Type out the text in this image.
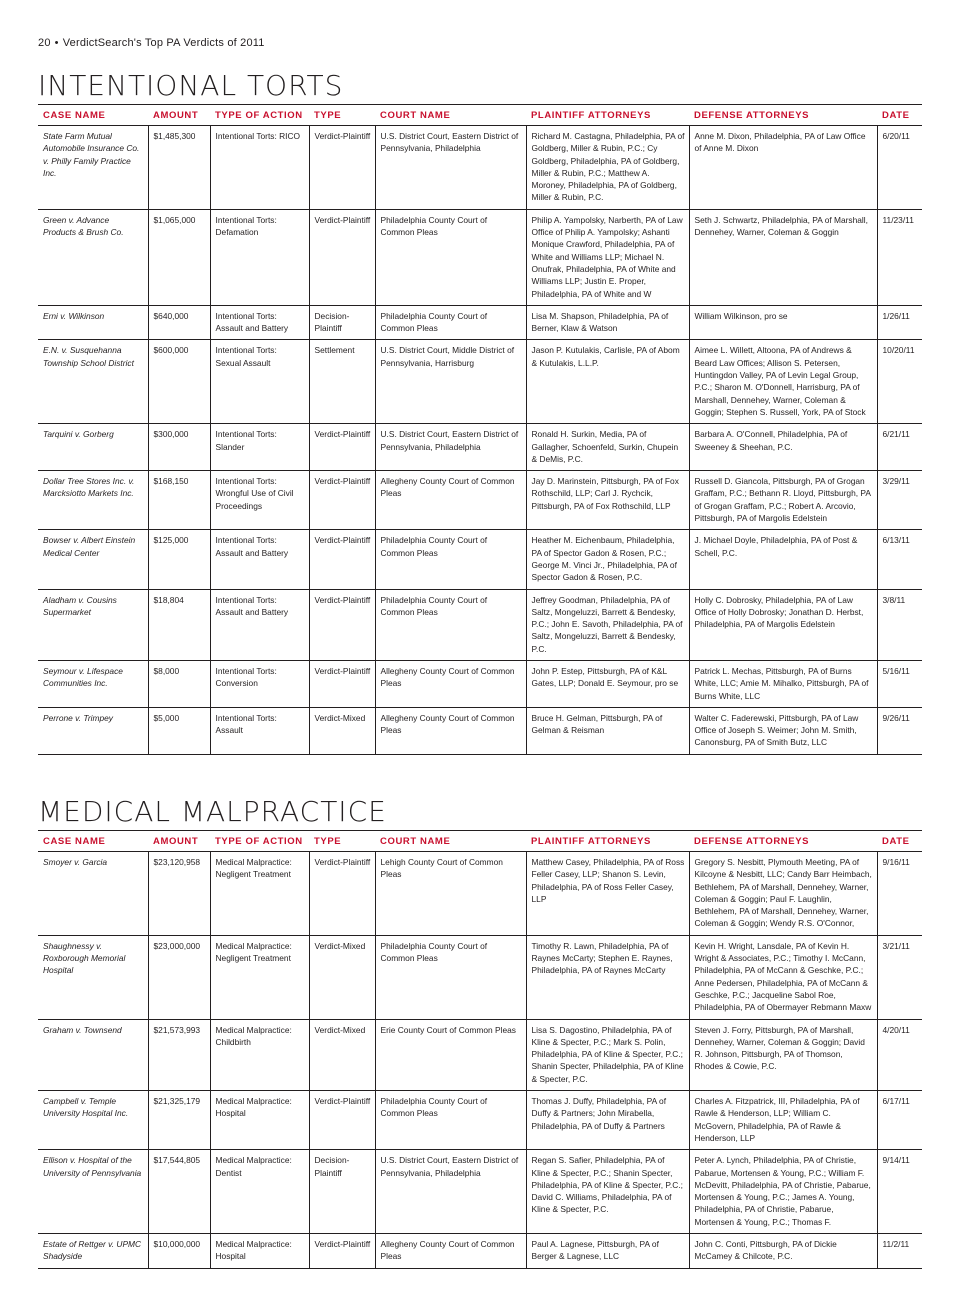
20 • VerdictSearch's Top PA Verdicts of 2011
INTENTIONAL TORTS
CASE NAME	AMOUNT	TYPE OF ACTION	TYPE	COURT NAME	PLAINTIFF ATTORNEYS	DEFENSE ATTORNEYS	DATE
State Farm Mutual Automobile Insurance Co. v. Philly Family Practice Inc.	$1,485,300	Intentional Torts: RICO	Verdict-Plaintiff	U.S. District Court, Eastern District of Pennsylvania, Philadelphia	Richard M. Castagna, Philadelphia, PA of Goldberg, Miller & Rubin, P.C.; Cy Goldberg, Philadelphia, PA of Goldberg, Miller & Rubin, P.C.; Matthew A. Moroney, Philadelphia, PA of Goldberg, Miller & Rubin, P.C.	Anne M. Dixon, Philadelphia, PA of Law Office of Anne M. Dixon	6/20/11
Green v. Advance Products & Brush Co.	$1,065,000	Intentional Torts: Defamation	Verdict-Plaintiff	Philadelphia County Court of Common Pleas	Philip A. Yampolsky, Narberth, PA of Law Office of Philip A. Yampolsky; Ashanti Monique Crawford, Philadelphia, PA of White and Williams LLP; Michael N. Onufrak, Philadelphia, PA of White and Williams LLP; Justin E. Proper, Philadelphia, PA of White and W	Seth J. Schwartz, Philadelphia, PA of Marshall, Dennehey, Warner, Coleman & Goggin	11/23/11
Erni v. Wilkinson	$640,000	Intentional Torts: Assault and Battery	Decision-Plaintiff	Philadelphia County Court of Common Pleas	Lisa M. Shapson, Philadelphia, PA of Berner, Klaw & Watson	William Wilkinson, pro se	1/26/11
E.N. v. Susquehanna Township School District	$600,000	Intentional Torts: Sexual Assault	Settlement	U.S. District Court, Middle District of Pennsylvania, Harrisburg	Jason P. Kutulakis, Carlisle, PA of Abom & Kutulakis, L.L.P.	Aimee L. Willett, Altoona, PA of Andrews & Beard Law Offices; Allison S. Petersen, Huntingdon Valley, PA of Levin Legal Group, P.C.; Sharon M. O'Donnell, Harrisburg, PA of Marshall, Dennehey, Warner, Coleman & Goggin; Stephen S. Russell, York, PA of Stock	10/20/11
Tarquini v. Gorberg	$300,000	Intentional Torts: Slander	Verdict-Plaintiff	U.S. District Court, Eastern District of Pennsylvania, Philadelphia	Ronald H. Surkin, Media, PA of Gallagher, Schoenfeld, Surkin, Chupein & DeMis, P.C.	Barbara A. O'Connell, Philadelphia, PA of Sweeney & Sheehan, P.C.	6/21/11
Dollar Tree Stores Inc. v. Marcksiotto Markets Inc.	$168,150	Intentional Torts: Wrongful Use of Civil Proceedings	Verdict-Plaintiff	Allegheny County Court of Common Pleas	Jay D. Marinstein, Pittsburgh, PA of Fox Rothschild, LLP; Carl J. Rychcik, Pittsburgh, PA of Fox Rothschild, LLP	Russell D. Giancola, Pittsburgh, PA of Grogan Graffam, P.C.; Bethann R. Lloyd, Pittsburgh, PA of Grogan Graffam, P.C.; Robert A. Arcovio, Pittsburgh, PA of Margolis Edelstein	3/29/11
Bowser v. Albert Einstein Medical Center	$125,000	Intentional Torts: Assault and Battery	Verdict-Plaintiff	Philadelphia County Court of Common Pleas	Heather M. Eichenbaum, Philadelphia, PA of Spector Gadon & Rosen, P.C.; George M. Vinci Jr., Philadelphia, PA of Spector Gadon & Rosen, P.C.	J. Michael Doyle, Philadelphia, PA of Post & Schell, P.C.	6/13/11
Aladham v. Cousins Supermarket	$18,804	Intentional Torts: Assault and Battery	Verdict-Plaintiff	Philadelphia County Court of Common Pleas	Jeffrey Goodman, Philadelphia, PA of Saltz, Mongeluzzi, Barrett & Bendesky, P.C.; John E. Savoth, Philadelphia, PA of Saltz, Mongeluzzi, Barrett & Bendesky, P.C.	Holly C. Dobrosky, Philadelphia, PA of Law Office of Holly Dobrosky; Jonathan D. Herbst, Philadelphia, PA of Margolis Edelstein	3/8/11
Seymour v. Lifespace Communities Inc.	$8,000	Intentional Torts: Conversion	Verdict-Plaintiff	Allegheny County Court of Common Pleas	John P. Estep, Pittsburgh, PA of K&L Gates, LLP; Donald E. Seymour, pro se	Patrick L. Mechas, Pittsburgh, PA of Burns White, LLC; Amie M. Mihalko, Pittsburgh, PA of Burns White, LLC	5/16/11
Perrone v. Trimpey	$5,000	Intentional Torts: Assault	Verdict-Mixed	Allegheny County Court of Common Pleas	Bruce H. Gelman, Pittsburgh, PA of Gelman & Reisman	Walter C. Faderewski, Pittsburgh, PA of Law Office of Joseph S. Weimer; John M. Smith, Canonsburg, PA of Smith Butz, LLC	9/26/11
MEDICAL MALPRACTICE
CASE NAME	AMOUNT	TYPE OF ACTION	TYPE	COURT NAME	PLAINTIFF ATTORNEYS	DEFENSE ATTORNEYS	DATE
Smoyer v. Garcia	$23,120,958	Medical Malpractice: Negligent Treatment	Verdict-Plaintiff	Lehigh County Court of Common Pleas	Matthew Casey, Philadelphia, PA of Ross Feller Casey, LLP; Shanon S. Levin, Philadelphia, PA of Ross Feller Casey, LLP	Gregory S. Nesbitt, Plymouth Meeting, PA of Kilcoyne & Nesbitt, LLC; Candy Barr Heimbach, Bethlehem, PA of Marshall, Dennehey, Warner, Coleman & Goggin; Paul F. Laughlin, Bethlehem, PA of Marshall, Dennehey, Warner, Coleman & Goggin; Wendy R.S. O'Connor,	9/16/11
Shaughnessy v. Roxborough Memorial Hospital	$23,000,000	Medical Malpractice: Negligent Treatment	Verdict-Mixed	Philadelphia County Court of Common Pleas	Timothy R. Lawn, Philadelphia, PA of Raynes McCarty; Stephen E. Raynes, Philadelphia, PA of Raynes McCarty	Kevin H. Wright, Lansdale, PA of Kevin H. Wright & Associates, P.C.; Timothy I. McCann, Philadelphia, PA of McCann & Geschke, P.C.; Anne Pedersen, Philadelphia, PA of McCann & Geschke, P.C.; Jacqueline Sabol Roe, Philadelphia, PA of Obermayer Rebmann Maxw	3/21/11
Graham v. Townsend	$21,573,993	Medical Malpractice: Childbirth	Verdict-Mixed	Erie County Court of Common Pleas	Lisa S. Dagostino, Philadelphia, PA of Kline & Specter, P.C.; Mark S. Polin, Philadelphia, PA of Kline & Specter, P.C.; Shanin Specter, Philadelphia, PA of Kline & Specter, P.C.	Steven J. Forry, Pittsburgh, PA of Marshall, Dennehey, Warner, Coleman & Goggin; David R. Johnson, Pittsburgh, PA of Thomson, Rhodes & Cowie, P.C.	4/20/11
Campbell v. Temple University Hospital Inc.	$21,325,179	Medical Malpractice: Hospital	Verdict-Plaintiff	Philadelphia County Court of Common Pleas	Thomas J. Duffy, Philadelphia, PA of Duffy & Partners; John Mirabella, Philadelphia, PA of Duffy & Partners	Charles A. Fitzpatrick, III, Philadelphia, PA of Rawle & Henderson, LLP; William C. McGovern, Philadelphia, PA of Rawle & Henderson, LLP	6/17/11
Ellison v. Hospital of the University of Pennsylvania	$17,544,805	Medical Malpractice: Dentist	Decision-Plaintiff	U.S. District Court, Eastern District of Pennsylvania, Philadelphia	Regan S. Safier, Philadelphia, PA of Kline & Specter, P.C.; Shanin Specter, Philadelphia, PA of Kline & Specter, P.C.; David C. Williams, Philadelphia, PA of Kline & Specter, P.C.	Peter A. Lynch, Philadelphia, PA of Christie, Pabarue, Mortensen & Young, P.C.; William F. McDevitt, Philadelphia, PA of Christie, Pabarue, Mortensen & Young, P.C.; James A. Young, Philadelphia, PA of Christie, Pabarue, Mortensen & Young, P.C.; Thomas F.	9/14/11
Estate of Rettger v. UPMC Shadyside	$10,000,000	Medical Malpractice: Hospital	Verdict-Plaintiff	Allegheny County Court of Common Pleas	Paul A. Lagnese, Pittsburgh, PA of Berger & Lagnese, LLC	John C. Conti, Pittsburgh, PA of Dickie McCamey & Chilcote, P.C.	11/2/11
